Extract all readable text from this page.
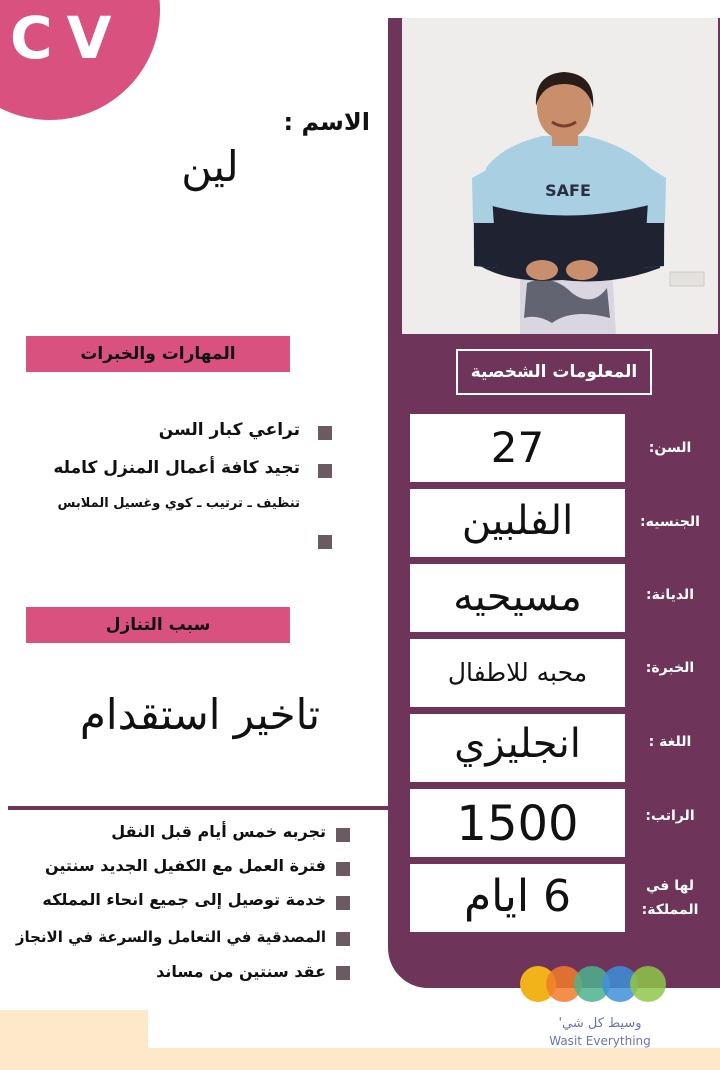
CV
SAFE
الاسم :
لين
المهارات والخبرات
تراعي كبار السن
تجيد كافة أعمال المنزل كامله
تنظيف ـ ترتيب ـ كوي وغسيل الملابس
سبب التنازل
تاخير استقدام
تجربه خمس أيام قبل النقل
فترة العمل مع الكفيل الجديد سنتين
خدمة توصيل إلى جميع انحاء المملكه
المصدقية في التعامل والسرعة في الانجاز
عقد سنتين من مساند
المعلومات الشخصية
27	السن:
الفلبين	الجنسيه:
مسيحيه	الديانة:
محبه للاطفال	الخبرة:
انجليزي	اللغة :
1500	الراتب:
6 ايام	لها في المملكة:
وسيط كل شي'
Wasit Everything
